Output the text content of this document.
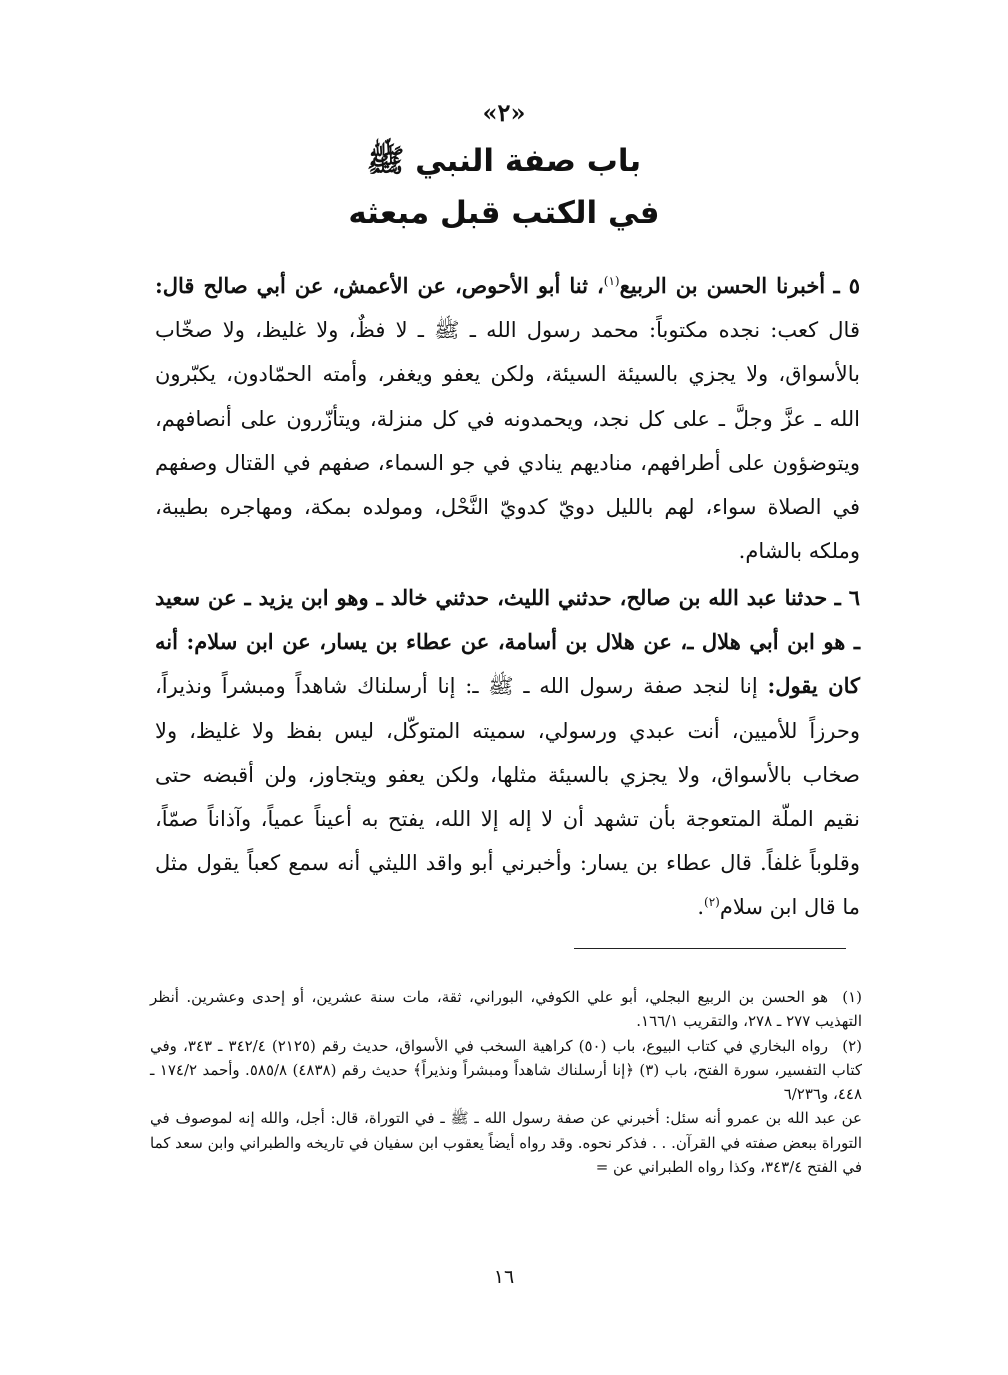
«٢»
باب صفة النبي ﷺ
في الكتب قبل مبعثه

٥ ـ أخبرنا الحسن بن الربيع$^{(١)}$، ثنا أبو الأحوص، عن الأعمش، عن أبي صالح قال: قال كعب: نجده مكتوباً: محمد رسول الله ـ ﷺ ـ لا فظٌ، ولا غليظ، ولا صخّاب بالأسواق، ولا يجزي بالسيئة السيئة، ولكن يعفو ويغفر، وأمته الحمّادون، يكبّرون الله ـ عزَّ وجلَّ ـ على كل نجد، ويحمدونه في كل منزلة، ويتأزّرون على أنصافهم، ويتوضؤون على أطرافهم، مناديهم ينادي في جو السماء، صفهم في القتال وصفهم في الصلاة سواء، لهم بالليل دويّ كدويّ النَّحْل، ومولده بمكة، ومهاجره بطيبة، وملكه بالشام.

٦ ـ حدثنا عبد الله بن صالح، حدثني الليث، حدثني خالد ـ وهو ابن يزيد ـ عن سعيد ـ هو ابن أبي هلال ـ، عن هلال بن أسامة، عن عطاء بن يسار، عن ابن سلام: أنه كان يقول: إنا لنجد صفة رسول الله ـ ﷺ ـ: إنا أرسلناك شاهداً ومبشراً ونذيراً، وحرزاً للأميين، أنت عبدي ورسولي، سميته المتوكّل، ليس بفظ ولا غليظ، ولا صخاب بالأسواق، ولا يجزي بالسيئة مثلها، ولكن يعفو ويتجاوز، ولن أقبضه حتى نقيم الملّة المتعوجة بأن تشهد أن لا إله إلا الله، يفتح به أعيناً عمياً، وآذاناً صمّاً، وقلوباً غلفاً. قال عطاء بن يسار: وأخبرني أبو واقد الليثي أنه سمع كعباً يقول مثل ما قال ابن سلام$^{(٢)}$.

(١)هو الحسن بن الربيع البجلي، أبو علي الكوفي، البوراني، ثقة، مات سنة عشرين، أو إحدى وعشرين. أنظر التهذيب ٢٧٧ ـ ٢٧٨، والتقريب ١٦٦/١.

(٢)رواه البخاري في كتاب البيوع، باب (٥٠) كراهية السخب في الأسواق، حديث رقم (٢١٢٥) ٣٤٢/٤ ـ ٣٤٣، وفي كتاب التفسير، سورة الفتح، باب (٣) ﴿إنا أرسلناك شاهداً ومبشراً ونذيراً﴾ حديث رقم (٤٨٣٨) ٥٨٥/٨. وأحمد ١٧٤/٢ ـ ٤٤٨، و٦/٢٣٦

عن عبد الله بن عمرو أنه سئل: أخبرني عن صفة رسول الله ـ ﷺ ـ في التوراة، قال: أجل، والله إنه لموصوف في التوراة ببعض صفته في القرآن. . . فذكر نحوه. وقد رواه أيضاً يعقوب ابن سفيان في تاريخه والطبراني وابن سعد كما في الفتح ٣٤٣/٤، وكذا رواه الطبراني عن =

١٦
